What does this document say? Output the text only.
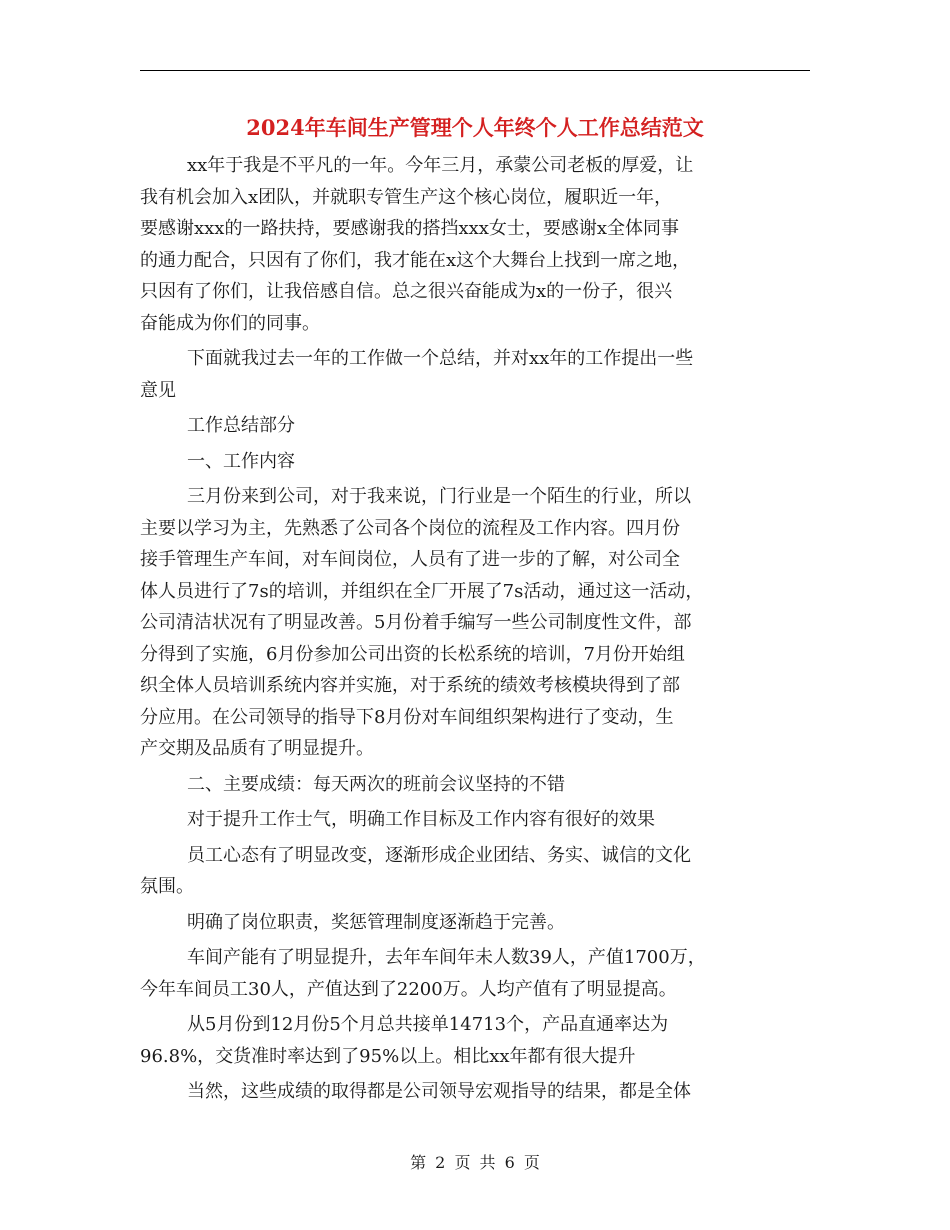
2024年车间生产管理个人年终个人工作总结范文

xx年于我是不平凡的一年。今年三月，承蒙公司老板的厚爱，让
我有机会加入x团队，并就职专管生产这个核心岗位，履职近一年，
要感谢xxx的一路扶持，要感谢我的搭挡xxx女士，要感谢x全体同事
的通力配合，只因有了你们，我才能在x这个大舞台上找到一席之地，
只因有了你们，让我倍感自信。总之很兴奋能成为x的一份子，很兴
奋能成为你们的同事。

下面就我过去一年的工作做一个总结，并对xx年的工作提出一些
意见

工作总结部分

一、工作内容

三月份来到公司，对于我来说，门行业是一个陌生的行业，所以
主要以学习为主，先熟悉了公司各个岗位的流程及工作内容。四月份
接手管理生产车间，对车间岗位，人员有了进一步的了解，对公司全
体人员进行了7s的培训，并组织在全厂开展了7s活动，通过这一活动，
公司清洁状况有了明显改善。5月份着手编写一些公司制度性文件，部
分得到了实施，6月份参加公司出资的长松系统的培训，7月份开始组
织全体人员培训系统内容并实施，对于系统的绩效考核模块得到了部
分应用。在公司领导的指导下8月份对车间组织架构进行了变动，生
产交期及品质有了明显提升。

二、主要成绩：每天两次的班前会议坚持的不错

对于提升工作士气，明确工作目标及工作内容有很好的效果

员工心态有了明显改变，逐渐形成企业团结、务实、诚信的文化
氛围。

明确了岗位职责，奖惩管理制度逐渐趋于完善。

车间产能有了明显提升，去年车间年未人数39人，产值1700万，
今年车间员工30人，产值达到了2200万。人均产值有了明显提高。

从5月份到12月份5个月总共接单14713个，产品直通率达为
96.8%，交货准时率达到了95%以上。相比xx年都有很大提升

当然，这些成绩的取得都是公司领导宏观指导的结果，都是全体

第 2 页 共 6 页
